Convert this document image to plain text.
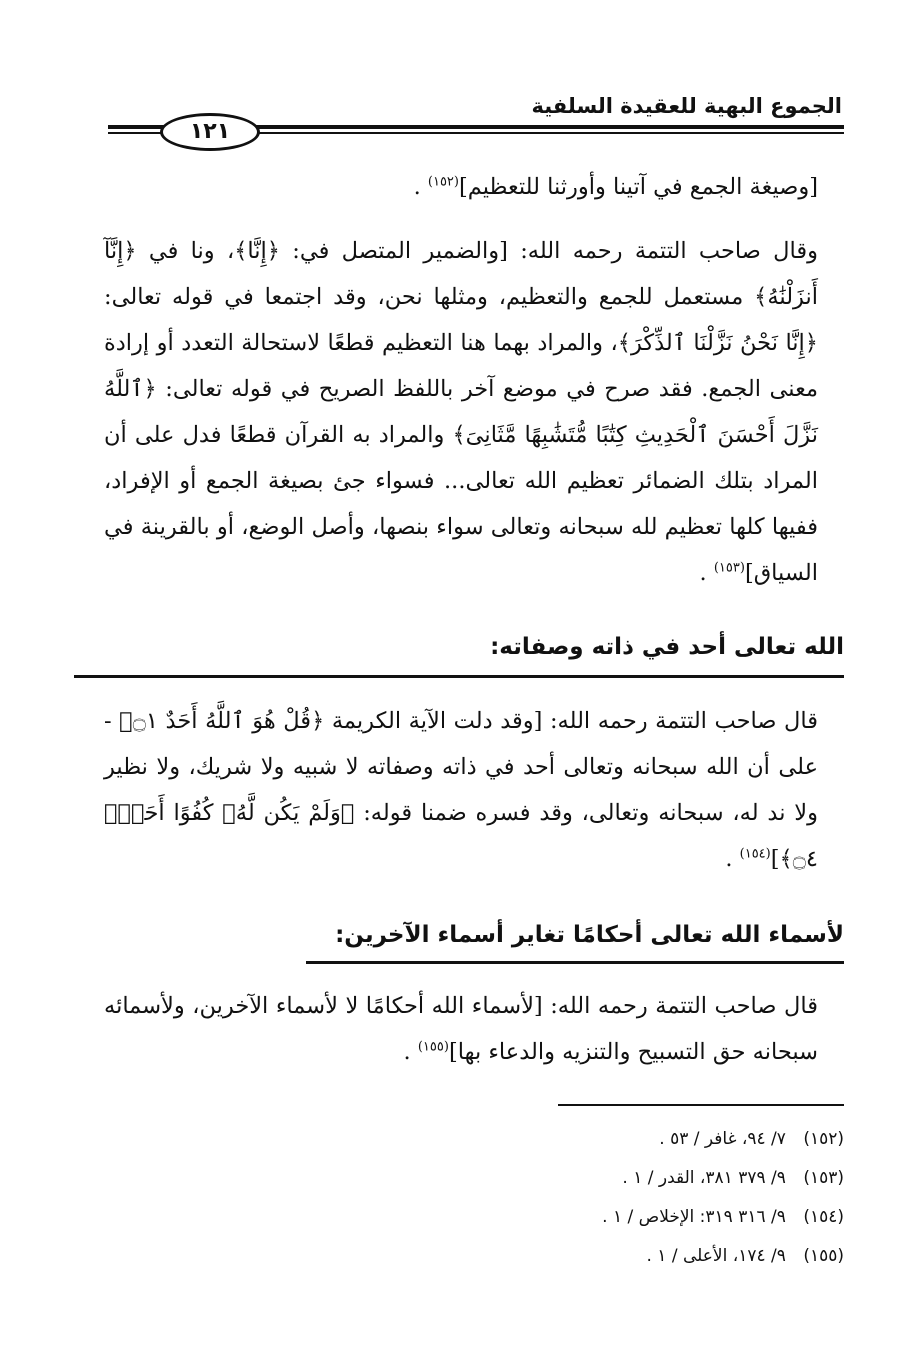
الجموع البهية للعقيدة السلفية
١٢١

[وصيغة الجمع في آتينا وأورثنا للتعظيم]$^{(١٥٢)}$ .

وقال صاحب التتمة رحمه الله: [والضمير المتصل في: ﴿إِنَّا﴾، ونا في ﴿إِنَّآ أَنزَلْنَٰهُ﴾ مستعمل للجمع والتعظيم، ومثلها نحن، وقد اجتمعا في قوله تعالى: ﴿إِنَّا نَحْنُ نَزَّلْنَا ٱلذِّكْرَ﴾، والمراد بهما هنا التعظيم قطعًا لاستحالة التعدد أو إرادة معنى الجمع. فقد صرح في موضع آخر باللفظ الصريح في قوله تعالى: ﴿ٱللَّهُ نَزَّلَ أَحْسَنَ ٱلْحَدِيثِ كِتَٰبًا مُّتَشَٰبِهًا مَّثَانِىَ﴾ والمراد به القرآن قطعًا فدل على أن المراد بتلك الضمائر تعظيم الله تعالى... فسواء جئ بصيغة الجمع أو الإفراد، ففيها كلها تعظيم لله سبحانه وتعالى سواء بنصها، وأصل الوضع، أو بالقرينة في السياق]$^{(١٥٣)}$ .

الله تعالى أحد في ذاته وصفاته:

قال صاحب التتمة رحمه الله: [وقد دلت الآية الكريمة ﴿قُلْ هُوَ ٱللَّهُ أَحَدٌ ۝١﴾ - على أن الله سبحانه وتعالى أحد في ذاته وصفاته لا شبيه ولا شريك، ولا نظير ولا ند له، سبحانه وتعالى، وقد فسره ضمنا قوله: ﴿وَلَمْ يَكُن لَّهُۥ كُفُوًا أَحَدٌۢ ۝٤﴾]$^{(١٥٤)}$ .

لأسماء الله تعالى أحكامًا تغاير أسماء الآخرين:

قال صاحب التتمة رحمه الله: [لأسماء الله أحكامًا لا لأسماء الآخرين، ولأسمائه سبحانه حق التسبيح والتنزيه والدعاء بها]$^{(١٥٥)}$ .

(١٥٢) ٧/ ٩٤، غافر / ٥٣ .
(١٥٣) ٩/ ٣٧٩ ٣٨١، القدر / ١ .
(١٥٤) ٩/ ٣١٦ ٣١٩: الإخلاص / ١ .
(١٥٥) ٩/ ١٧٤، الأعلى / ١ .
